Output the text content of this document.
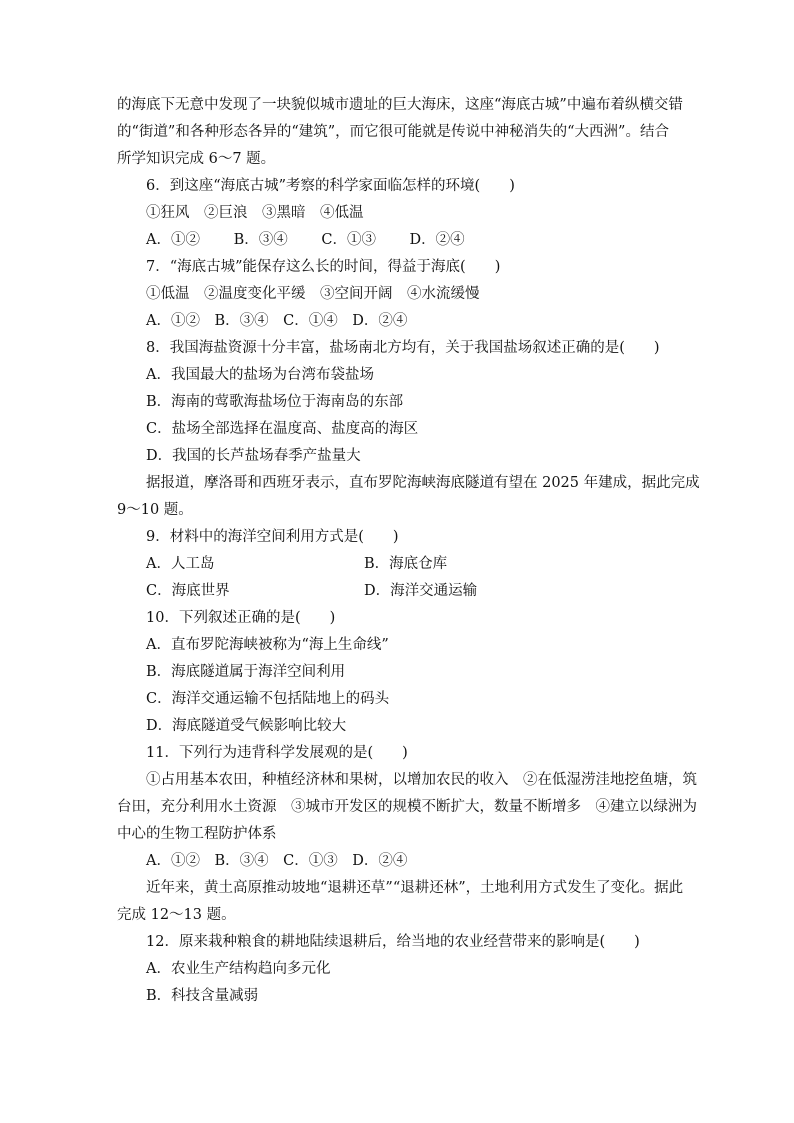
的海底下无意中发现了一块貌似城市遗址的巨大海床，这座“海底古城”中遍布着纵横交错
的“街道”和各种形态各异的“建筑”，而它很可能就是传说中神秘消失的“大西洲”。结合
所学知识完成 6～7 题。
6．到这座“海底古城”考察的科学家面临怎样的环境(　　)
①狂风　②巨浪　③黑暗　④低温
A．①②　　 B．③④　　 C．①③　　 D．②④
7．“海底古城”能保存这么长的时间，得益于海底(　　)
①低温　②温度变化平缓　③空间开阔　④水流缓慢
A．①②　B．③④　C．①④　D．②④
8．我国海盐资源十分丰富，盐场南北方均有，关于我国盐场叙述正确的是(　　)
A．我国最大的盐场为台湾布袋盐场
B．海南的莺歌海盐场位于海南岛的东部
C．盐场全部选择在温度高、盐度高的海区
D．我国的长芦盐场春季产盐量大
据报道，摩洛哥和西班牙表示，直布罗陀海峡海底隧道有望在 2025 年建成，据此完成
9～10 题。
9．材料中的海洋空间利用方式是(　　)
A．人工岛	B．海底仓库
C．海底世界	D．海洋交通运输
10．下列叙述正确的是(　　)
A．直布罗陀海峡被称为“海上生命线”
B．海底隧道属于海洋空间利用
C．海洋交通运输不包括陆地上的码头
D．海底隧道受气候影响比较大
11．下列行为违背科学发展观的是(　　)
①占用基本农田，种植经济林和果树，以增加农民的收入　②在低湿涝洼地挖鱼塘，筑
台田，充分利用水土资源　③城市开发区的规模不断扩大，数量不断增多　④建立以绿洲为
中心的生物工程防护体系
A．①②　B．③④　C．①③　D．②④
近年来，黄土高原推动坡地“退耕还草”“退耕还林”，土地利用方式发生了变化。据此
完成 12～13 题。
12．原来栽种粮食的耕地陆续退耕后，给当地的农业经营带来的影响是(　　)
A．农业生产结构趋向多元化
B．科技含量减弱
